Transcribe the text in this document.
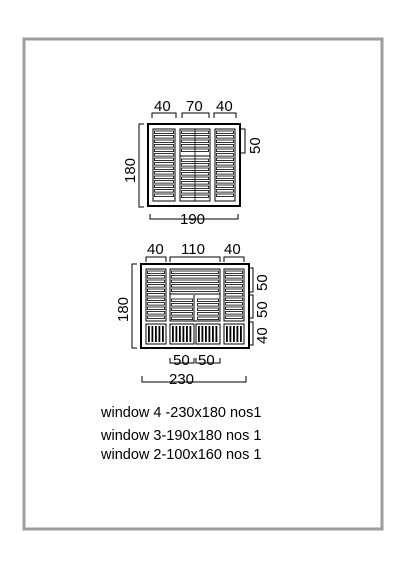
40 70 40
50
180
190
40 110 40
50
50
40
180
50 50
230
window 4 -230x180 nos1
window 3-190x180 nos 1
window 2-100x160 nos 1
